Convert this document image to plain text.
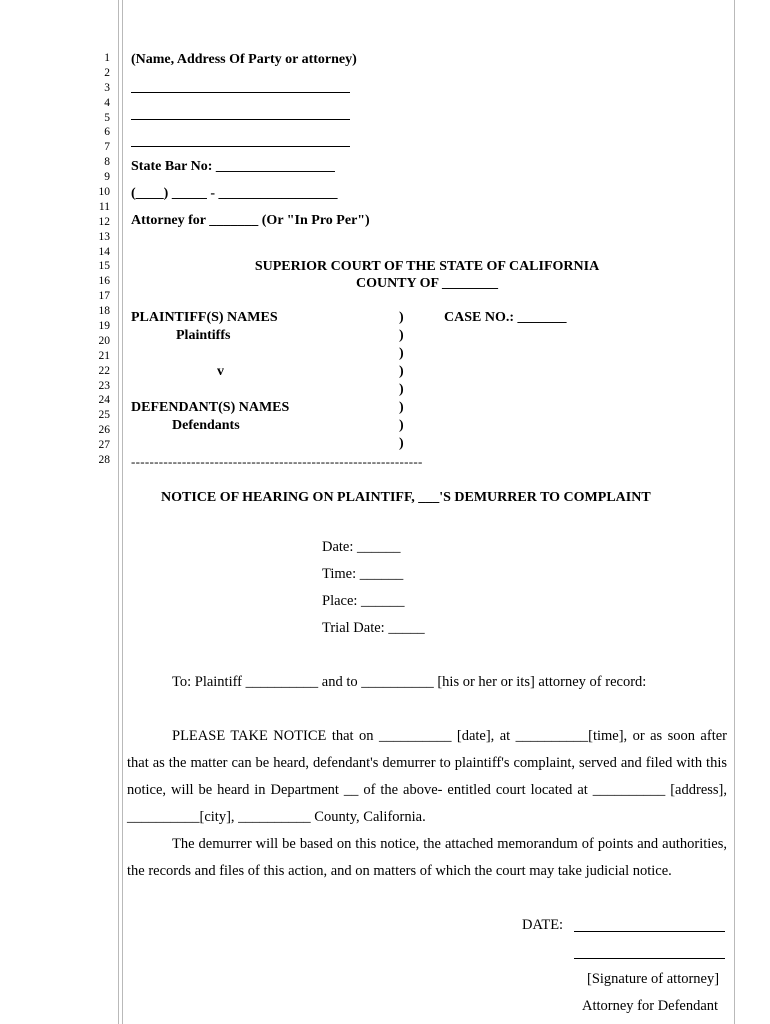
1
2
3
4
5
6
7
8
9
10
11
12
13
14
15
16
17
18
19
20
21
22
23
24
25
26
27
28
(Name, Address Of Party or attorney)
State Bar No: _________________
(____) _____ - _________________
Attorney for _______ (Or "In Pro Per")
SUPERIOR COURT OF THE STATE OF CALIFORNIA
COUNTY OF ________
PLAINTIFF(S) NAMES
Plaintiffs
v
DEFENDANT(S) NAMES
Defendants
)
)
)
)
)
)
)
)
CASE NO.: _______
---------------------------------------------------------------
NOTICE OF HEARING ON PLAINTIFF, ___'S DEMURRER TO COMPLAINT
Date: ______
Time: ______
Place: ______
Trial Date: _____
To: Plaintiff __________ and to __________ [his or her or its] attorney of record:

PLEASE TAKE NOTICE that on __________ [date], at __________[time], or as soon after that as the matter can be heard, defendant's demurrer to plaintiff's complaint, served and filed with this notice, will be heard in Department __ of the above- entitled court located at __________ [address], __________[city], __________ County, California.

The demurrer will be based on this notice, the attached memorandum of points and authorities, the records and files of this action, and on matters of which the court may take judicial notice.

DATE:
[Signature of attorney]
Attorney for Defendant
